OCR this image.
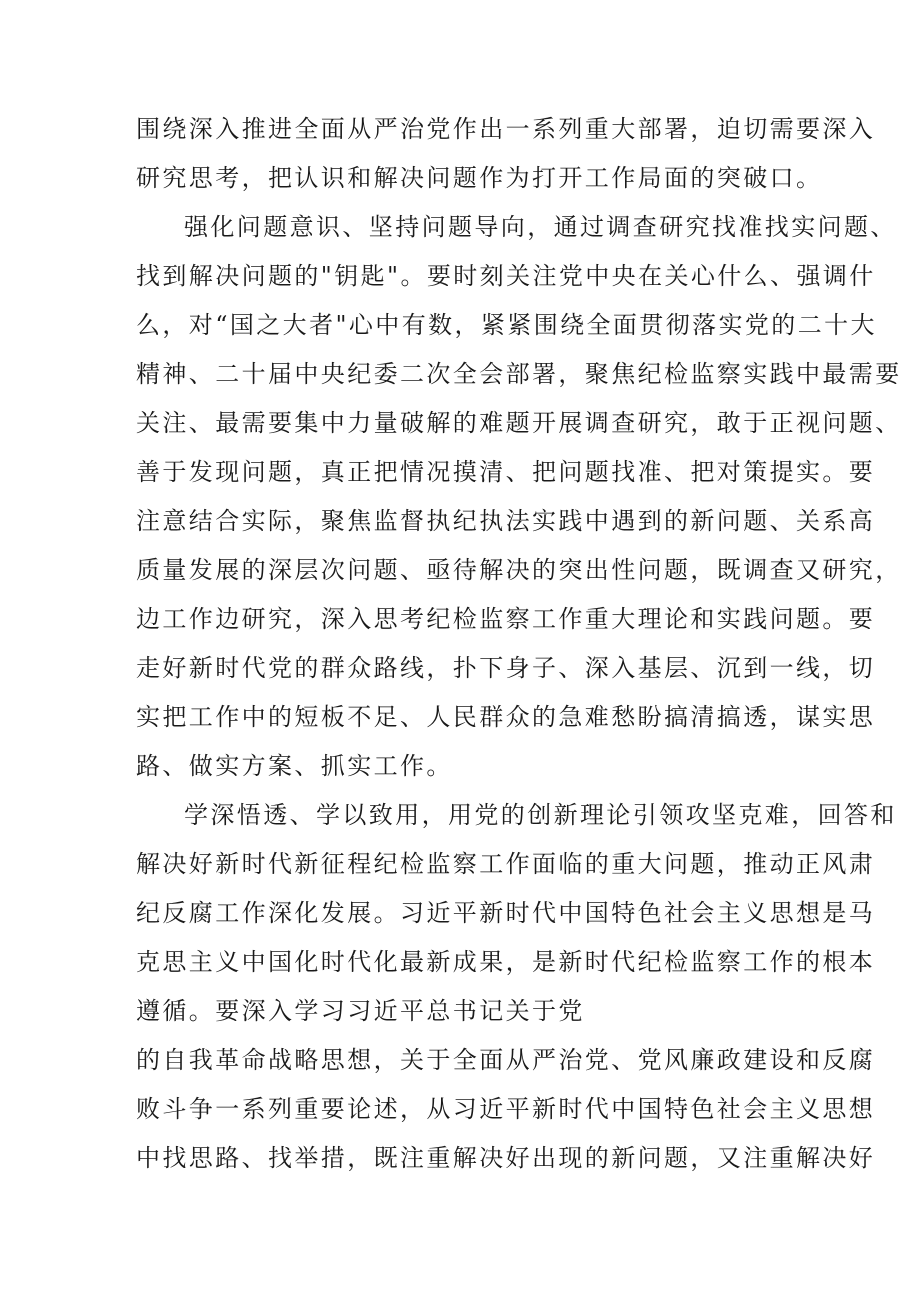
围绕深入推进全面从严治党作出一系列重大部署，迫切需要深入
研究思考，把认识和解决问题作为打开工作局面的突破口。
强化问题意识、坚持问题导向，通过调查研究找准找实问题、
找到解决问题的"钥匙"。要时刻关注党中央在关心什么、强调什
么，对“国之大者"心中有数，紧紧围绕全面贯彻落实党的二十大
精神、二十届中央纪委二次全会部署，聚焦纪检监察实践中最需要
关注、最需要集中力量破解的难题开展调查研究，敢于正视问题、
善于发现问题，真正把情况摸清、把问题找准、把对策提实。要
注意结合实际，聚焦监督执纪执法实践中遇到的新问题、关系高
质量发展的深层次问题、亟待解决的突出性问题，既调查又研究，
边工作边研究，深入思考纪检监察工作重大理论和实践问题。要
走好新时代党的群众路线，扑下身子、深入基层、沉到一线，切
实把工作中的短板不足、人民群众的急难愁盼搞清搞透，谋实思
路、做实方案、抓实工作。
学深悟透、学以致用，用党的创新理论引领攻坚克难，回答和
解决好新时代新征程纪检监察工作面临的重大问题，推动正风肃
纪反腐工作深化发展。习近平新时代中国特色社会主义思想是马
克思主义中国化时代化最新成果，是新时代纪检监察工作的根本
遵循。要深入学习习近平总书记关于党
的自我革命战略思想，关于全面从严治党、党风廉政建设和反腐
败斗争一系列重要论述，从习近平新时代中国特色社会主义思想
中找思路、找举措，既注重解决好出现的新问题，又注重解决好
